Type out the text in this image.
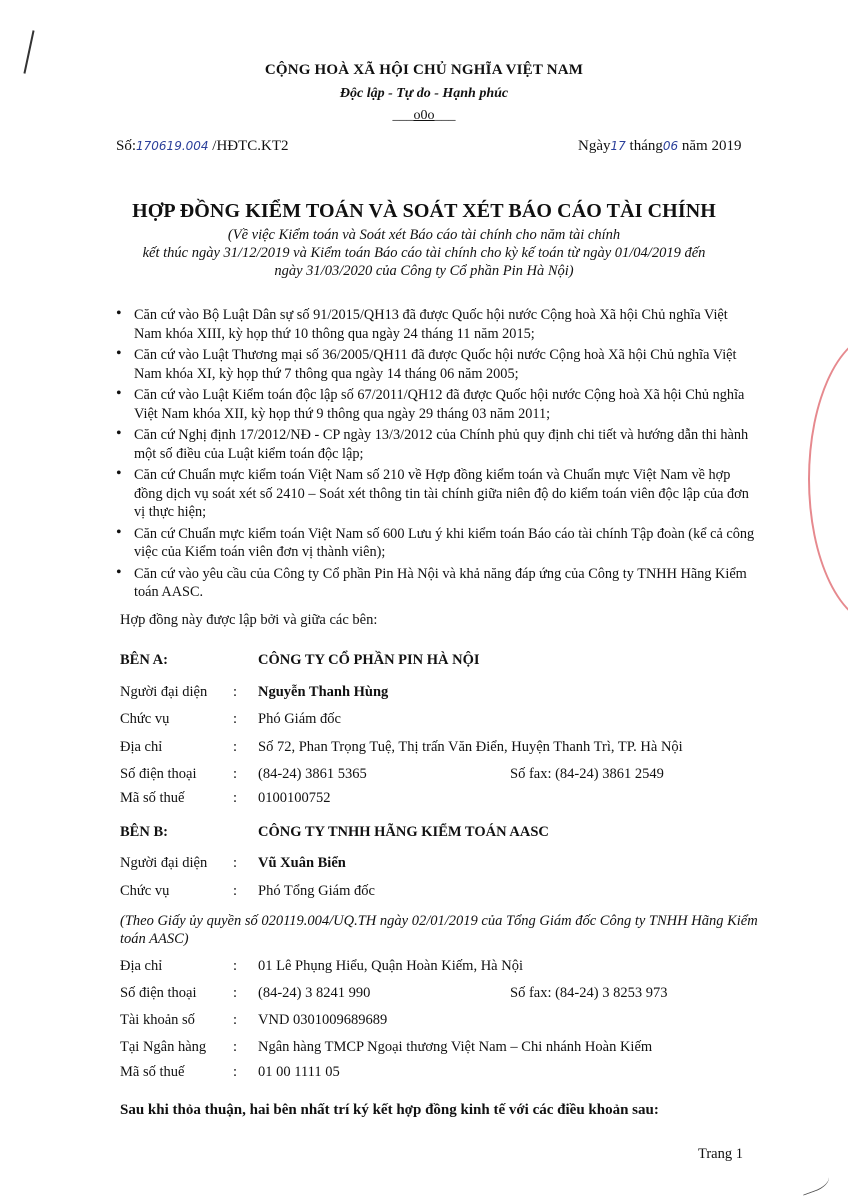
CỘNG HOÀ XÃ HỘI CHỦ NGHĨA VIỆT NAM
Độc lập - Tự do - Hạnh phúc
___o0o___
Số:170619.004 /HĐTC.KT2	Ngày17 tháng06 năm 2019
HỢP ĐỒNG KIỂM TOÁN VÀ SOÁT XÉT BÁO CÁO TÀI CHÍNH
(Về việc Kiểm toán và Soát xét Báo cáo tài chính cho năm tài chính
kết thúc ngày 31/12/2019 và Kiểm toán Báo cáo tài chính cho kỳ kế toán từ ngày 01/04/2019 đến
ngày 31/03/2020 của Công ty Cổ phần Pin Hà Nội)
• Căn cứ vào Bộ Luật Dân sự số 91/2015/QH13 đã được Quốc hội nước Cộng hoà Xã hội Chủ nghĩa Việt Nam khóa XIII, kỳ họp thứ 10 thông qua ngày 24 tháng 11 năm 2015;
• Căn cứ vào Luật Thương mại số 36/2005/QH11 đã được Quốc hội nước Cộng hoà Xã hội Chủ nghĩa Việt Nam khóa XI, kỳ họp thứ 7 thông qua ngày 14 tháng 06 năm 2005;
• Căn cứ vào Luật Kiểm toán độc lập số 67/2011/QH12 đã được Quốc hội nước Cộng hoà Xã hội Chủ nghĩa Việt Nam khóa XII, kỳ họp thứ 9 thông qua ngày 29 tháng 03 năm 2011;
• Căn cứ Nghị định 17/2012/NĐ - CP ngày 13/3/2012 của Chính phủ quy định chi tiết và hướng dẫn thi hành một số điều của Luật kiểm toán độc lập;
• Căn cứ Chuẩn mực kiểm toán Việt Nam số 210 về Hợp đồng kiểm toán và Chuẩn mực Việt Nam về hợp đồng dịch vụ soát xét số 2410 – Soát xét thông tin tài chính giữa niên độ do kiểm toán viên độc lập của đơn vị thực hiện;
• Căn cứ Chuẩn mực kiểm toán Việt Nam số 600 Lưu ý khi kiểm toán Báo cáo tài chính Tập đoàn (kể cả công việc của Kiểm toán viên đơn vị thành viên);
• Căn cứ vào yêu cầu của Công ty Cổ phần Pin Hà Nội và khả năng đáp ứng của Công ty TNHH Hãng Kiểm toán AASC.
Hợp đồng này được lập bởi và giữa các bên:
BÊN A:	CÔNG TY CỔ PHẦN PIN HÀ NỘI
Người đại diện : Nguyễn Thanh Hùng
Chức vụ	: Phó Giám đốc
Địa chỉ	: Số 72, Phan Trọng Tuệ, Thị trấn Văn Điển, Huyện Thanh Trì, TP. Hà Nội
Số điện thoại	: (84-24) 3861 5365	Số fax: (84-24) 3861 2549
Mã số thuế	: 0100100752
BÊN B:	CÔNG TY TNHH HÃNG KIỂM TOÁN AASC
Người đại diện : Vũ Xuân Biển
Chức vụ	: Phó Tổng Giám đốc
(Theo Giấy ủy quyền số 020119.004/UQ.TH ngày 02/01/2019 của Tổng Giám đốc Công ty TNHH Hãng Kiểm toán AASC)
Địa chỉ	: 01 Lê Phụng Hiểu, Quận Hoàn Kiếm, Hà Nội
Số điện thoại	: (84-24) 3 8241 990	Số fax: (84-24) 3 8253 973
Tài khoản số	: VND 0301009689689
Tại Ngân hàng : Ngân hàng TMCP Ngoại thương Việt Nam – Chi nhánh Hoàn Kiếm
Mã số thuế	: 01 00 1111 05
Sau khi thỏa thuận, hai bên nhất trí ký kết hợp đồng kinh tế với các điều khoản sau:
Trang 1
